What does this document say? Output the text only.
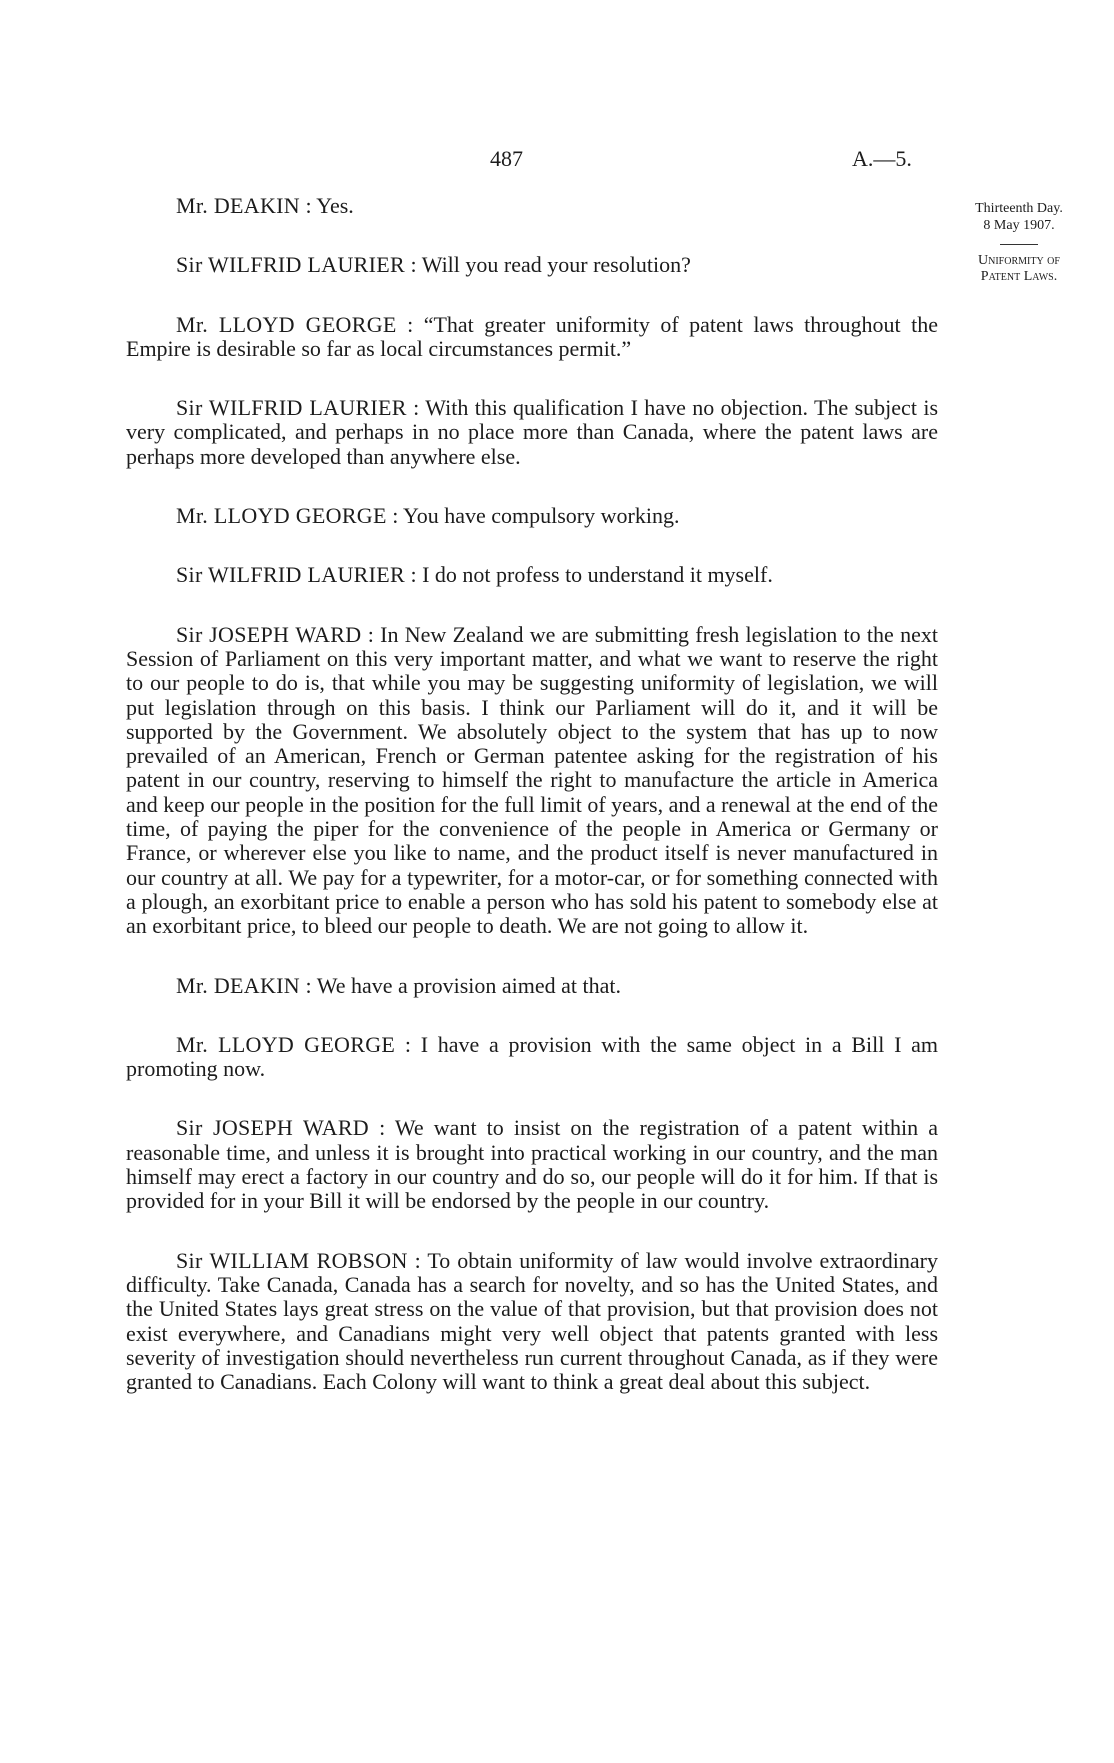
487	A.—5.
Thirteenth Day.
8 May 1907.
Uniformity of
Patent Laws.

Mr. DEAKIN : Yes.

Sir WILFRID LAURIER : Will you read your resolution?

Mr. LLOYD GEORGE : “That greater uniformity of patent laws throughout the Empire is desirable so far as local circumstances permit.”

Sir WILFRID LAURIER : With this qualification I have no objection. The subject is very complicated, and perhaps in no place more than Canada, where the patent laws are perhaps more developed than anywhere else.

Mr. LLOYD GEORGE : You have compulsory working.

Sir WILFRID LAURIER : I do not profess to understand it myself.

Sir JOSEPH WARD : In New Zealand we are submitting fresh legislation to the next Session of Parliament on this very important matter, and what we want to reserve the right to our people to do is, that while you may be suggesting uniformity of legislation, we will put legislation through on this basis. I think our Parliament will do it, and it will be supported by the Government. We absolutely object to the system that has up to now prevailed of an American, French or German patentee asking for the registration of his patent in our country, reserving to himself the right to manufacture the article in America and keep our people in the position for the full limit of years, and a renewal at the end of the time, of paying the piper for the convenience of the people in America or Germany or France, or wherever else you like to name, and the product itself is never manufactured in our country at all. We pay for a typewriter, for a motor-car, or for something connected with a plough, an exorbitant price to enable a person who has sold his patent to somebody else at an exorbitant price, to bleed our people to death. We are not going to allow it.

Mr. DEAKIN : We have a provision aimed at that.

Mr. LLOYD GEORGE : I have a provision with the same object in a Bill I am promoting now.

Sir JOSEPH WARD : We want to insist on the registration of a patent within a reasonable time, and unless it is brought into practical working in our country, and the man himself may erect a factory in our country and do so, our people will do it for him. If that is provided for in your Bill it will be endorsed by the people in our country.

Sir WILLIAM ROBSON : To obtain uniformity of law would involve extraordinary difficulty. Take Canada, Canada has a search for novelty, and so has the United States, and the United States lays great stress on the value of that provision, but that provision does not exist everywhere, and Canadians might very well object that patents granted with less severity of investigation should nevertheless run current throughout Canada, as if they were granted to Canadians. Each Colony will want to think a great deal about this subject.
